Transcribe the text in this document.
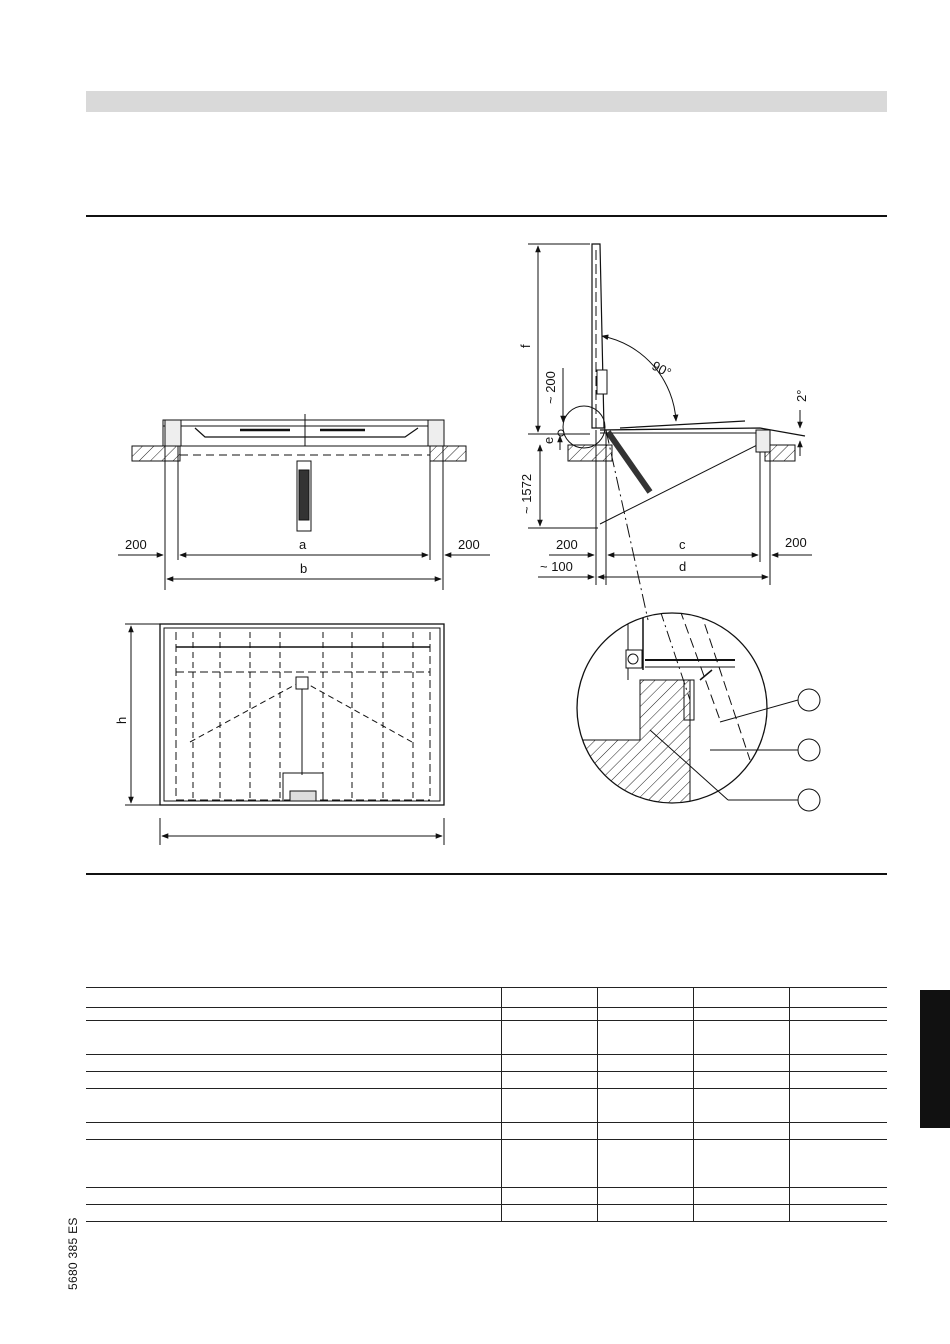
5680 385 ES
200	a	200
b
90°
2°
f
~ 200
e
~ 1572
200	c	200
~ 100	d
h
